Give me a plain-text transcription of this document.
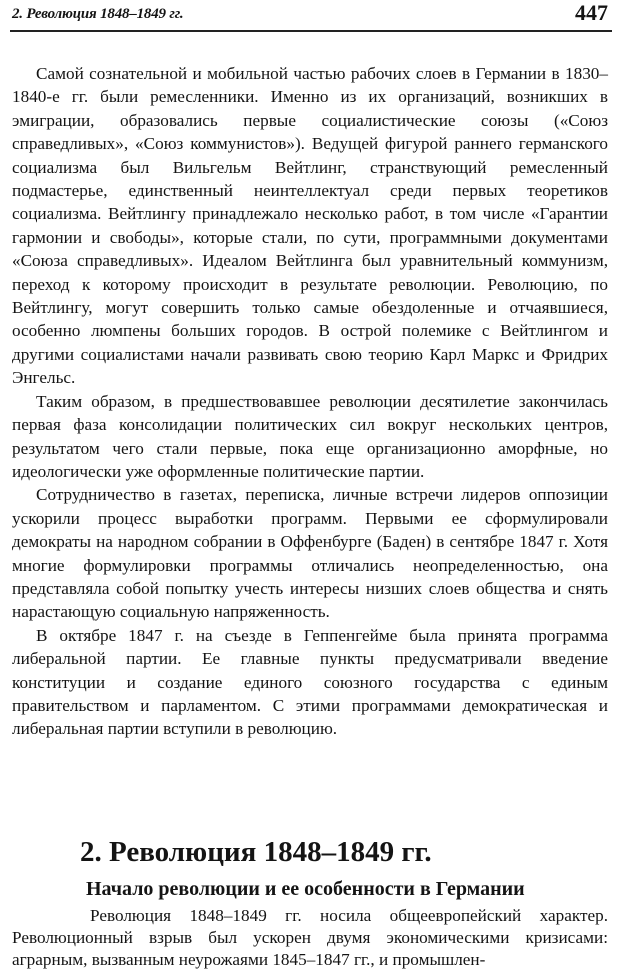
2. Революция 1848–1849 гг.	447

Самой сознательной и мобильной частью рабочих слоев в Германии в 1830–1840-е гг. были ремесленники. Именно из их организаций, возникших в эмиграции, образовались первые социалистические союзы («Союз справедливых», «Союз коммунистов»). Ведущей фигурой раннего германского социализма был Вильгельм Вейтлинг, странствующий ремесленный подмастерье, единственный неинтеллектуал среди первых теоретиков социализма. Вейтлингу принадлежало несколько работ, в том числе «Гарантии гармонии и свободы», которые стали, по сути, программными документами «Союза справедливых». Идеалом Вейтлинга был уравнительный коммунизм, переход к которому происходит в результате революции. Революцию, по Вейтлингу, могут совершить только самые обездоленные и отчаявшиеся, особенно люмпены больших городов. В острой полемике с Вейтлингом и другими социалистами начали развивать свою теорию Карл Маркс и Фридрих Энгельс.

Таким образом, в предшествовавшее революции десятилетие закончилась первая фаза консолидации политических сил вокруг нескольких центров, результатом чего стали первые, пока еще организационно аморфные, но идеологически уже оформленные политические партии.

Сотрудничество в газетах, переписка, личные встречи лидеров оппозиции ускорили процесс выработки программ. Первыми ее сформулировали демократы на народном собрании в Оффенбурге (Баден) в сентябре 1847 г. Хотя многие формулировки программы отличались неопределенностью, она представляла собой попытку учесть интересы низших слоев общества и снять нарастающую социальную напряженность.

В октябре 1847 г. на съезде в Геппенгейме была принята программа либеральной партии. Ее главные пункты предусматривали введение конституции и создание единого союзного государства с единым правительством и парламентом. С этими программами демократическая и либеральная партии вступили в революцию.

2. Революция 1848–1849 гг.
Начало революции и ее особенности в Германии

Революция 1848–1849 гг. носила общеевропейский характер. Революционный взрыв был ускорен двумя экономическими кризисами: аграрным, вызванным неурожаями 1845–1847 гг., и промышлен-
